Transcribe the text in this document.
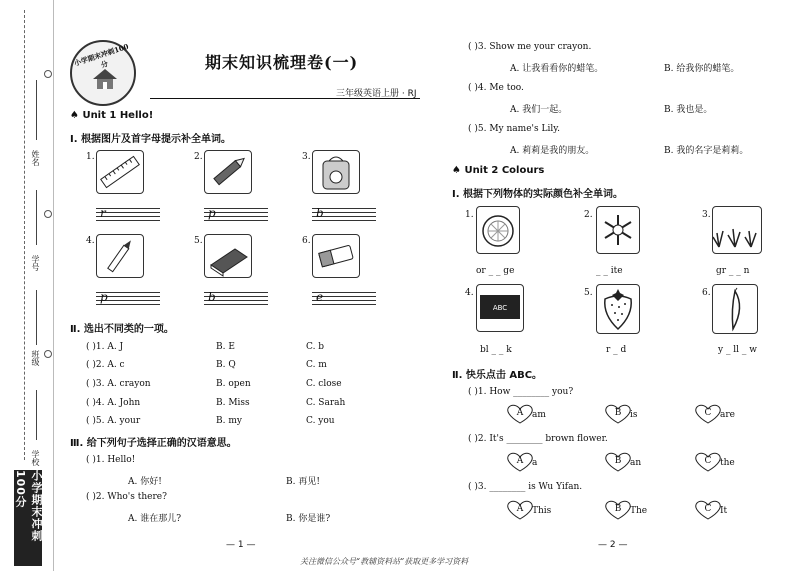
姓名
学号
班级
学校
小学期末冲刺100分
小学期末冲刺100分	期末知识梳理卷(一)
三年级英语上册 · RJ
♠ Unit 1 Hello!
Ⅰ. 根据图片及首字母提示补全单词。
1.
r
2.
p
3.
b
4.
p
5.
b
6.
e
Ⅱ. 选出不同类的一项。
( )1. A. J	B. E	C. b
( )2. A. c	B. Q	C. m
( )3. A. crayon	B. open	C. close
( )4. A. John	B. Miss	C. Sarah
( )5. A. your	B. my	C. you
Ⅲ. 给下列句子选择正确的汉语意思。
( )1. Hello!
A. 你好!	B. 再见!
( )2. Who's there?
A. 谁在那儿?	B. 你是谁?
— 1 —
( )3. Show me your crayon.
A. 让我看看你的蜡笔。	B. 给我你的蜡笔。
( )4. Me too.
A. 我们一起。	B. 我也是。
( )5. My name's Lily.
A. 莉莉是我的朋友。	B. 我的名字是莉莉。
♠ Unit 2 Colours
Ⅰ. 根据下列物体的实际颜色补全单词。
1.
or _ _ ge
2.
_ _ ite
3.
gr _ _ n
4.
ABC
bl _ _ k
5.
r _ d
6.
y _ ll _ w
Ⅱ. 快乐点击 ABC。
( )1. How ________ you?
A am	B is	C are
( )2. It's ________ brown flower.
A a	B an	C the
( )3. ________ is Wu Yifan.
A This	B The	C It
— 2 —
关注微信公众号“教辅资料站”获取更多学习资料
